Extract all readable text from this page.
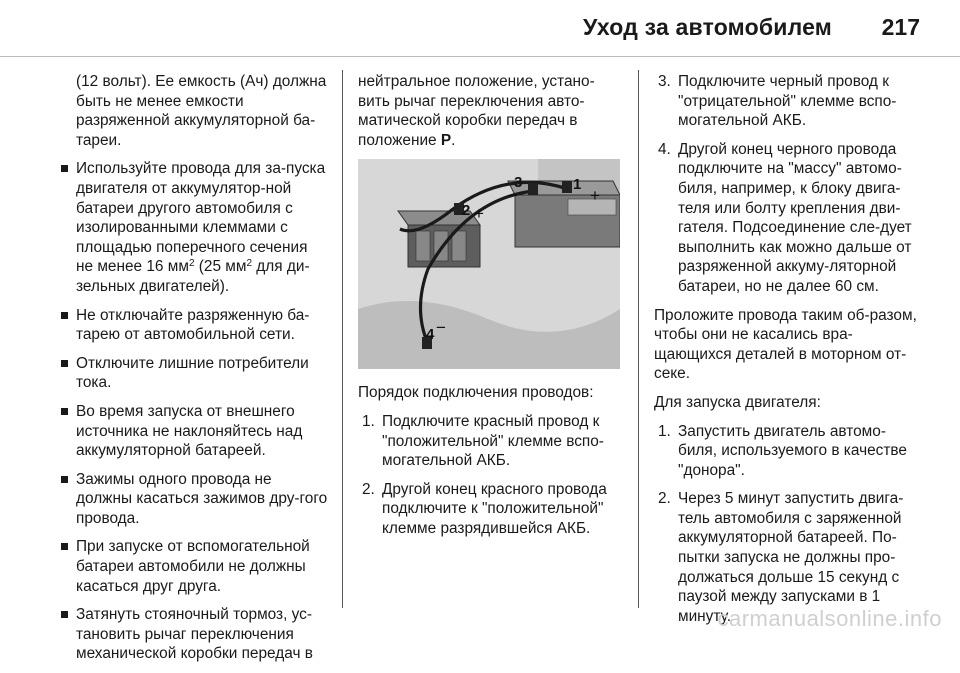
Уход за автомобилем 217

(12 вольт). Ее емкость (Ач) должна быть не менее емкости разряженной аккумуляторной ба-тареи.

Используйте провода для за-пуска двигателя от аккумулятор-ной батареи другого автомобиля с изолированными клеммами с площадью поперечного сечения не менее 16 $мм^2$ (25 $мм^2$ для ди-зельных двигателей).
Не отключайте разряженную ба-тарею от автомобильной сети.
Отключите лишние потребители тока.
Во время запуска от внешнего источника не наклоняйтесь над аккумуляторной батареей.
Зажимы одного провода не должны касаться зажимов дру-гого провода.
При запуске от вспомогательной батареи автомобили не должны касаться друг друга.
Затянуть стояночный тормоз, ус-тановить рычаг переключения механической коробки передач в

нейтральное положение, устано-вить рычаг переключения авто-матической коробки передач в положение P.

1
+
2 +
3
−
4 −

Порядок подключения проводов:

1. Подключите красный провод к "положительной" клемме вспо-могательной АКБ.
2. Другой конец красного провода подключите к "положительной" клемме разрядившейся АКБ.
3. Подключите черный провод к "отрицательной" клемме вспо-могательной АКБ.
4. Другой конец черного провода подключите на "массу" автомо-биля, например, к блоку двига-теля или болту крепления дви-гателя. Подсоединение сле-дует выполнить как можно дальше от разряженной аккуму-ляторной батареи, но не далее 60 см.

Проложите провода таким об-разом, чтобы они не касались вра-щающихся деталей в моторном от-секе.

Для запуска двигателя:

1. Запустить двигатель автомо-биля, используемого в качестве "донора".
2. Через 5 минут запустить двига-тель автомобиля с заряженной аккумуляторной батареей. По-пытки запуска не должны про-должаться дольше 15 секунд с паузой между запусками в 1 минуту.
carmanualsonline.info
